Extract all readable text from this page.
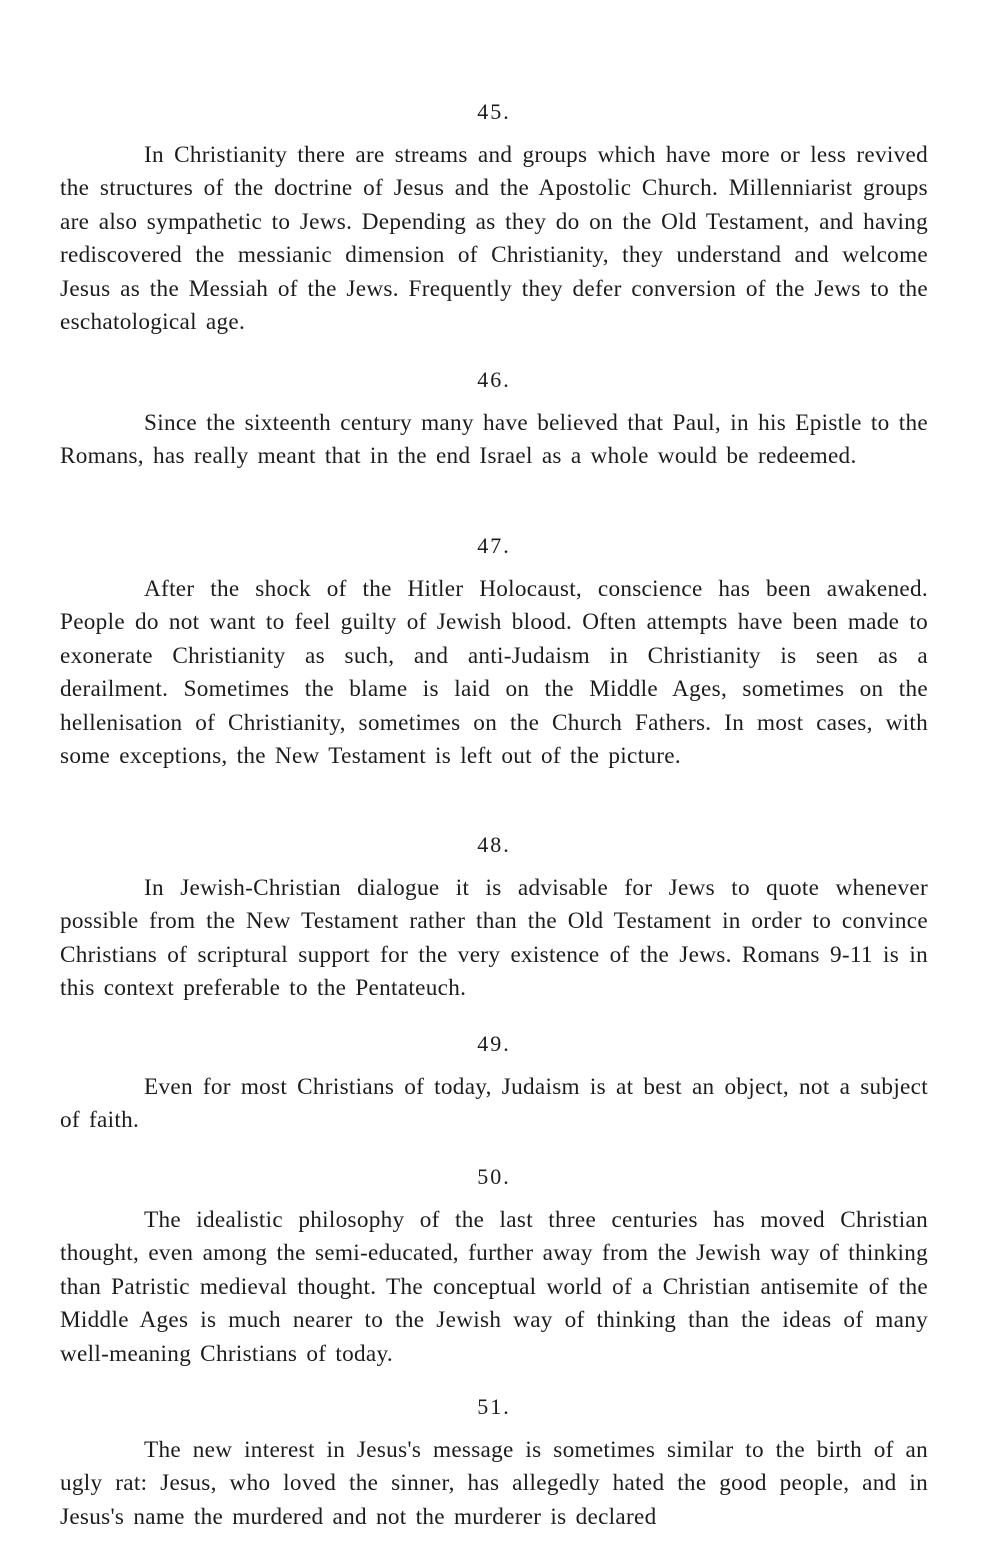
45.

In Christianity there are streams and groups which have more or less revived the structures of the doctrine of Jesus and the Apostolic Church. Millenniarist groups are also sympathetic to Jews. Depending as they do on the Old Testament, and having rediscovered the messianic dimension of Christianity, they understand and welcome Jesus as the Messiah of the Jews. Frequently they defer conversion of the Jews to the eschatological age.

46.

Since the sixteenth century many have believed that Paul, in his Epistle to the Romans, has really meant that in the end Israel as a whole would be redeemed.

47.

After the shock of the Hitler Holocaust, conscience has been awakened. People do not want to feel guilty of Jewish blood. Often attempts have been made to exonerate Christianity as such, and anti-Judaism in Christianity is seen as a derailment. Sometimes the blame is laid on the Middle Ages, sometimes on the hellenisation of Christianity, sometimes on the Church Fathers. In most cases, with some exceptions, the New Testament is left out of the picture.

48.

In Jewish-Christian dialogue it is advisable for Jews to quote whenever possible from the New Testament rather than the Old Testament in order to convince Christians of scriptural support for the very existence of the Jews. Romans 9-11 is in this context preferable to the Pentateuch.

49.

Even for most Christians of today, Judaism is at best an object, not a subject of faith.

50.

The idealistic philosophy of the last three centuries has moved Christian thought, even among the semi-educated, further away from the Jewish way of thinking than Patristic medieval thought. The conceptual world of a Christian antisemite of the Middle Ages is much nearer to the Jewish way of thinking than the ideas of many well-meaning Christians of today.

51.

The new interest in Jesus's message is sometimes similar to the birth of an ugly rat: Jesus, who loved the sinner, has allegedly hated the good people, and in Jesus's name the murdered and not the murderer is declared
